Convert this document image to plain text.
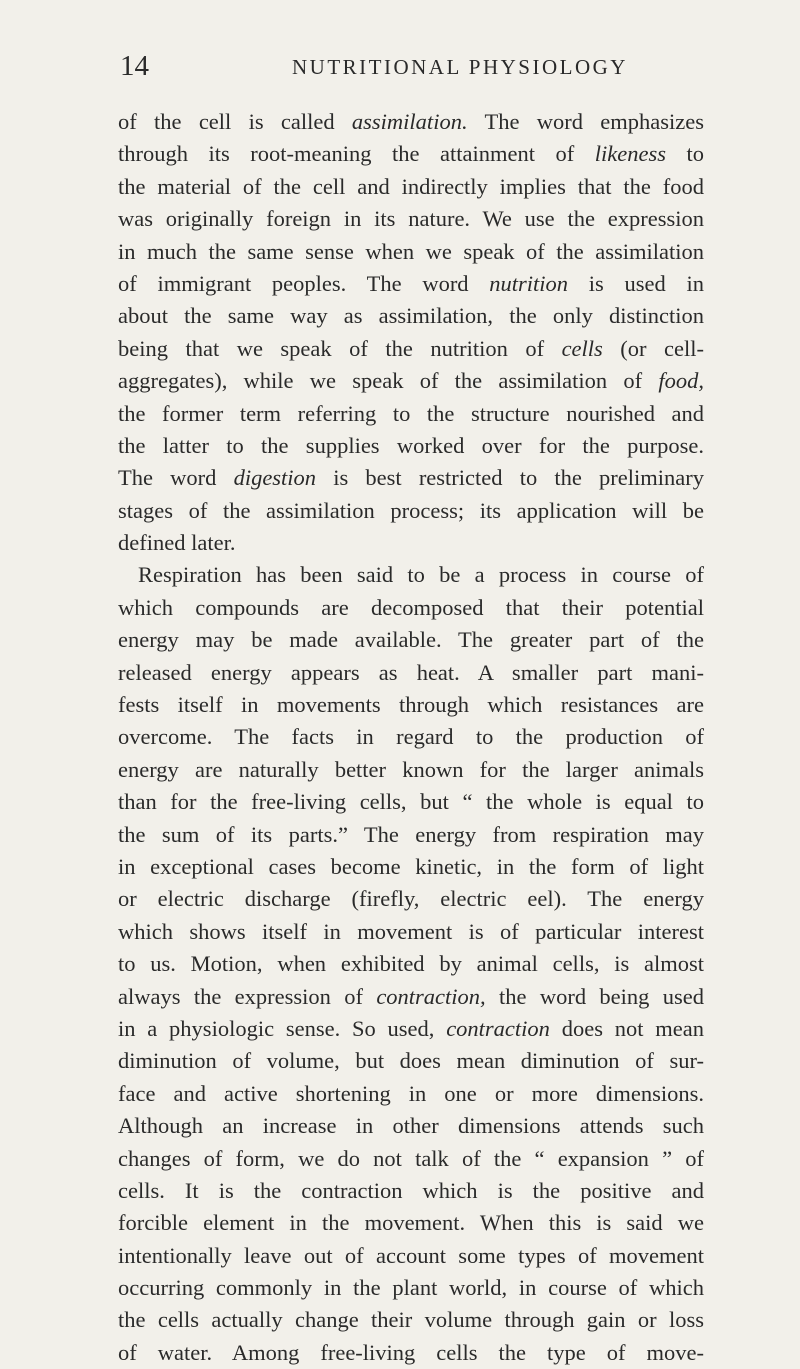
14	NUTRITIONAL PHYSIOLOGY
of the cell is called assimilation. The word emphasizes
through its root-meaning the attainment of likeness to
the material of the cell and indirectly implies that the food
was originally foreign in its nature. We use the expression
in much the same sense when we speak of the assimilation
of immigrant peoples. The word nutrition is used in
about the same way as assimilation, the only distinction
being that we speak of the nutrition of cells (or cell-
aggregates), while we speak of the assimilation of food,
the former term referring to the structure nourished and
the latter to the supplies worked over for the purpose.
The word digestion is best restricted to the preliminary
stages of the assimilation process; its application will be
defined later.
Respiration has been said to be a process in course of
which compounds are decomposed that their potential
energy may be made available. The greater part of the
released energy appears as heat. A smaller part mani-
fests itself in movements through which resistances are
overcome. The facts in regard to the production of
energy are naturally better known for the larger animals
than for the free-living cells, but “ the whole is equal to
the sum of its parts.” The energy from respiration may
in exceptional cases become kinetic, in the form of light
or electric discharge (firefly, electric eel). The energy
which shows itself in movement is of particular interest
to us. Motion, when exhibited by animal cells, is almost
always the expression of contraction, the word being used
in a physiologic sense. So used, contraction does not mean
diminution of volume, but does mean diminution of sur-
face and active shortening in one or more dimensions.
Although an increase in other dimensions attends such
changes of form, we do not talk of the “ expansion ” of
cells. It is the contraction which is the positive and
forcible element in the movement. When this is said we
intentionally leave out of account some types of movement
occurring commonly in the plant world, in course of which
the cells actually change their volume through gain or loss
of water. Among free-living cells the type of move-
